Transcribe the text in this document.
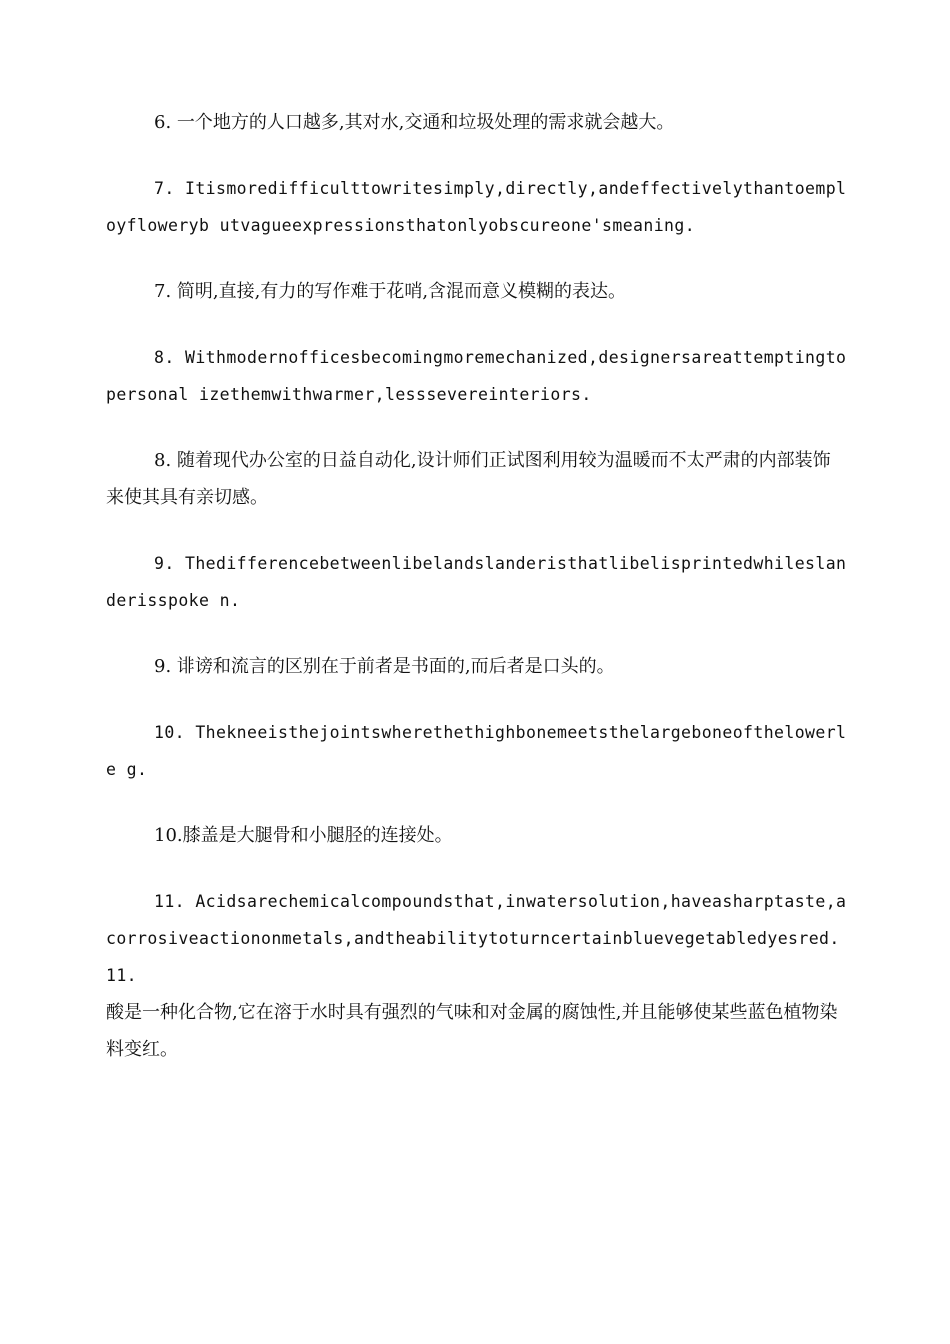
6. 一个地方的人口越多,其对水,交通和垃圾处理的需求就会越大。

7. Itismoredifficulttowritesimply,directly,andeffectivelythantoemployfloweryb utvagueexpressionsthatonlyobscureone'smeaning.

7. 简明,直接,有力的写作难于花哨,含混而意义模糊的表达。

8. Withmodernofficesbecomingmoremechanized,designersareattemptingtopersonal izethemwithwarmer,lesssevereinteriors.

8. 随着现代办公室的日益自动化,设计师们正试图利用较为温暖而不太严肃的内部装饰来使其具有亲切感。

9. Thedifferencebetweenlibelandslanderisthatlibelisprintedwhileslanderisspoke n.

9. 诽谤和流言的区别在于前者是书面的,而后者是口头的。

10. Thekneeisthejointswherethethighbonemeetsthelargeboneofthelowerle g.

10.膝盖是大腿骨和小腿胫的连接处。

11. Acidsarechemicalcompoundsthat,inwatersolution,haveasharptaste,acorrosiveactiononmetals,andtheabilitytoturncertainbluevegetabledyesred.11.

酸是一种化合物,它在溶于水时具有强烈的气味和对金属的腐蚀性,并且能够使某些蓝色植物染料变红。
